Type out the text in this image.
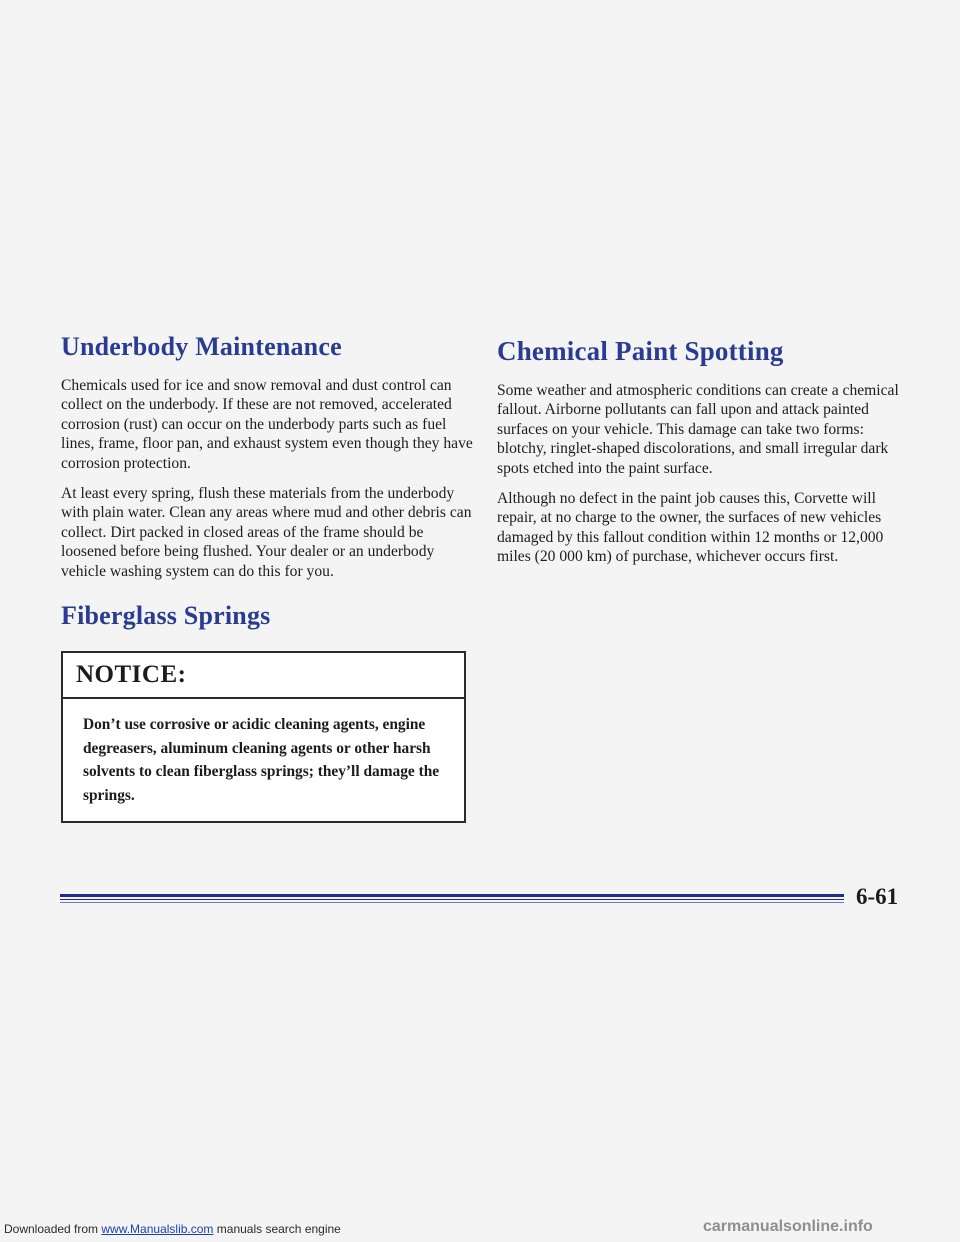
Underbody Maintenance

Chemicals used for ice and snow removal and dust control can collect on the underbody. If these are not removed, accelerated corrosion (rust) can occur on the underbody parts such as fuel lines, frame, floor pan, and exhaust system even though they have corrosion protection.

At least every spring, flush these materials from the underbody with plain water. Clean any areas where mud and other debris can collect. Dirt packed in closed areas of the frame should be loosened before being flushed. Your dealer or an underbody vehicle washing system can do this for you.

Fiberglass Springs
NOTICE:
Don’t use corrosive or acidic cleaning agents, engine degreasers, aluminum cleaning agents or other harsh solvents to clean fiberglass springs; they’ll damage the springs.
Chemical Paint Spotting

Some weather and atmospheric conditions can create a chemical fallout. Airborne pollutants can fall upon and attack painted surfaces on your vehicle. This damage can take two forms: blotchy, ringlet-shaped discolorations, and small irregular dark spots etched into the paint surface.

Although no defect in the paint job causes this, Corvette will repair, at no charge to the owner, the surfaces of new vehicles damaged by this fallout condition within 12 months or 12,000 miles (20 000 km) of purchase, whichever occurs first.

6-61
Downloaded from www.Manualslib.com manuals search engine	carmanualsonline.info
